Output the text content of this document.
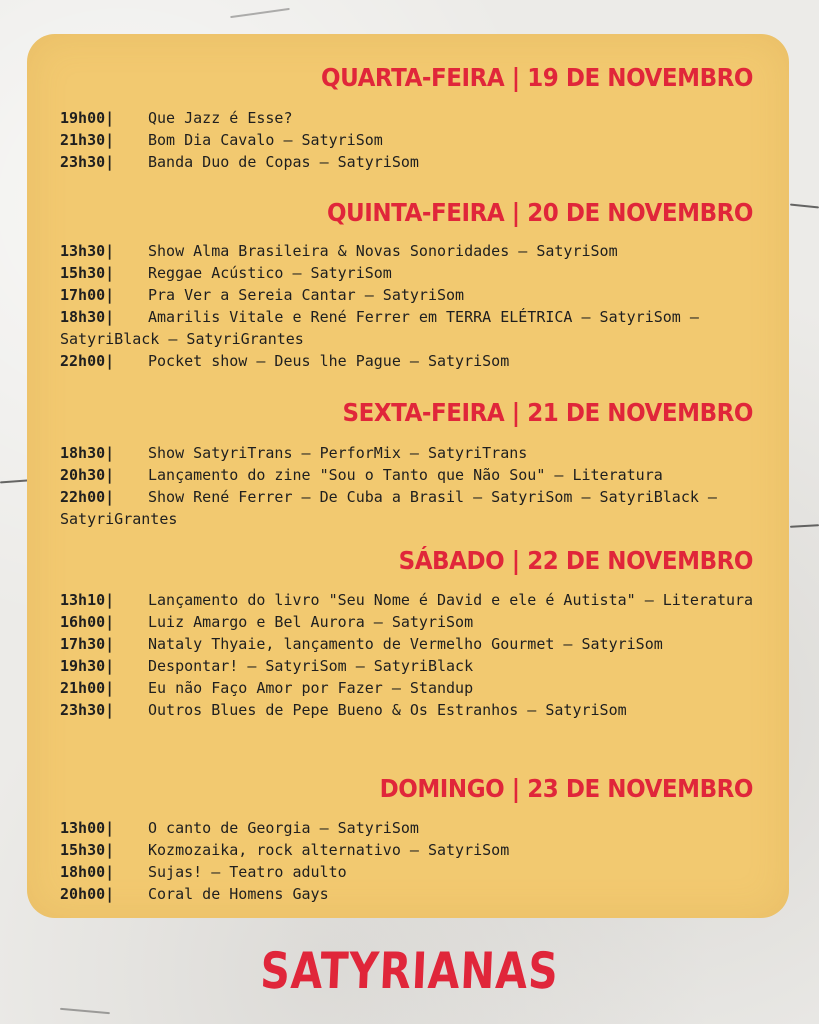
QUARTA-FEIRA | 19 DE NOVEMBRO
19h00| Que Jazz é Esse?
21h30| Bom Dia Cavalo — SatyriSom
23h30| Banda Duo de Copas — SatyriSom
QUINTA-FEIRA | 20 DE NOVEMBRO
13h30| Show Alma Brasileira & Novas Sonoridades — SatyriSom
15h30| Reggae Acústico — SatyriSom
17h00| Pra Ver a Sereia Cantar — SatyriSom
18h30| Amarilis Vitale e René Ferrer em TERRA ELÉTRICA — SatyriSom — SatyriBlack — SatyriGrantes
22h00| Pocket show — Deus lhe Pague — SatyriSom
SEXTA-FEIRA | 21 DE NOVEMBRO
18h30| Show SatyriTrans — PerforMix — SatyriTrans
20h30| Lançamento do zine "Sou o Tanto que Não Sou" — Literatura
22h00| Show René Ferrer — De Cuba a Brasil — SatyriSom — SatyriBlack — SatyriGrantes
SÁBADO | 22 DE NOVEMBRO
13h10| Lançamento do livro "Seu Nome é David e ele é Autista" — Literatura
16h00| Luiz Amargo e Bel Aurora — SatyriSom
17h30| Nataly Thyaie, lançamento de Vermelho Gourmet — SatyriSom
19h30| Despontar! — SatyriSom — SatyriBlack
21h00| Eu não Faço Amor por Fazer — Standup
23h30| Outros Blues de Pepe Bueno & Os Estranhos — SatyriSom
DOMINGO | 23 DE NOVEMBRO
13h00| O canto de Georgia — SatyriSom
15h30| Kozmozaika, rock alternativo — SatyriSom
18h00| Sujas! — Teatro adulto
20h00| Coral de Homens Gays
SATYRIANAS
